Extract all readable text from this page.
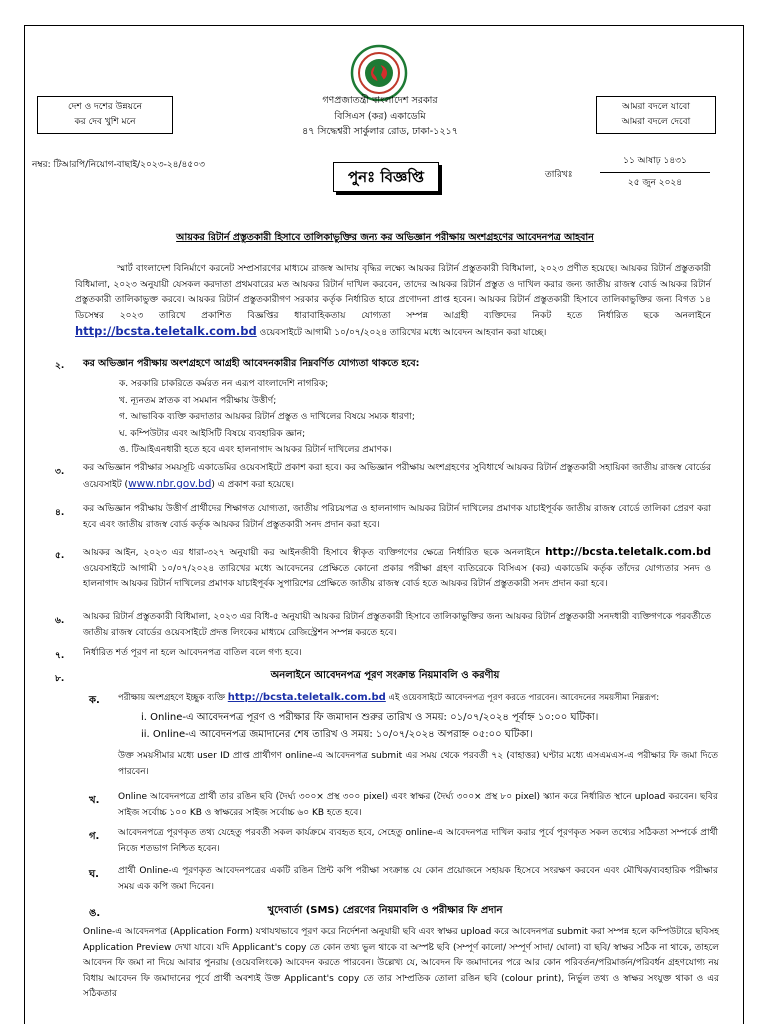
দেশ ও দশের উন্নয়নে
কর দেব খুশি মনে
আমরা বদলে যাবো
আমরা বদলে দেবো
গণপ্রজাতন্ত্রী বাংলাদেশ সরকার
বিসিএস (কর) একাডেমি
৪৭ সিদ্ধেশ্বরী সার্কুলার রোড, ঢাকা-১২১৭
নম্বর: টিআরপি/নিয়োগ-বাছাই/২০২৩-২৪/৪৫০৩
পুনঃ বিজ্ঞপ্তি	তারিখঃ
১১ আষাঢ় ১৪৩১
২৫ জুন ২০২৪
আয়কর রিটার্ন প্রস্তুতকারী হিসাবে তালিকাভুক্তির জন্য কর অভিজ্ঞান পরীক্ষায় অংশগ্রহণের আবেদনপত্র আহবান
স্মার্ট বাংলাদেশ বিনির্মাণে করনেট সম্প্রসারণের মাধ্যমে রাজস্ব আদায় বৃদ্ধির লক্ষ্যে আয়কর রিটার্ন প্রস্তুতকারী বিধিমালা, ২০২৩ প্রণীত হয়েছে। আয়কর রিটার্ন প্রস্তুতকারী বিধিমালা, ২০২৩ অনুযায়ী যেসকল করদাতা প্রথমবারের মত আয়কর রিটার্ন দাখিল করবেন, তাদের আয়কর রিটার্ন প্রস্তুত ও দাখিল করার জন্য জাতীয় রাজস্ব বোর্ড আয়কর রিটার্ন প্রস্তুতকারী তালিকাভুক্ত করবে। আয়কর রিটার্ন প্রস্তুতকারীগণ সরকার কর্তৃক নির্ধারিত হারে প্রণোদনা প্রাপ্ত হবেন। আয়কর রিটার্ন প্রস্তুতকারী হিসাবে তালিকাভুক্তির জন্য বিগত ১৪ ডিসেম্বর ২০২৩ তারিখে প্রকাশিত বিজ্ঞপ্তির ধারাবাহিকতায় যোগ্যতা সম্পন্ন আগ্রহী ব্যক্তিদের নিকট হতে নির্ধারিত ছকে অনলাইনে http://bcsta.teletalk.com.bd ওয়েবসাইটে আগামী ১০/০৭/২০২৪ তারিখের মধ্যে আবেদন আহবান করা যাচ্ছে।
২. কর অভিজ্ঞান পরীক্ষায় অংশগ্রহণে আগ্রহী আবেদনকারীর নিম্নবর্ণিত যোগ্যতা থাকতে হবে:
ক. সরকারি চাকরিতে কর্মরত নন এরূপ বাংলাদেশি নাগরিক;
খ. ন্যূনতম স্নাতক বা সমমান পরীক্ষায় উত্তীর্ণ;
গ. আভাবিক ব্যক্তি করদাতার আয়কর রিটার্ন প্রস্তুত ও দাখিলের বিষয়ে সম্যক ধারণা;
ঘ. কম্পিউটার এবং আইসিটি বিষয়ে ব্যবহারিক জ্ঞান;
ঙ. টিআইএনধারী হতে হবে এবং হালনাগাদ আয়কর রিটার্ন দাখিলের প্রমাণক।
৩. কর অভিজ্ঞান পরীক্ষার সময়সূচি একাডেমির ওয়েবসাইটে প্রকাশ করা হবে। কর অভিজ্ঞান পরীক্ষায় অংশগ্রহণের সুবিধার্থে আয়কর রিটার্ন প্রস্তুতকারী সহায়িকা জাতীয় রাজস্ব বোর্ডের ওয়েবসাইট (www.nbr.gov.bd) এ প্রকাশ করা হয়েছে।
৪. কর অভিজ্ঞান পরীক্ষায় উত্তীর্ণ প্রার্থীদের শিক্ষাগত যোগ্যতা, জাতীয় পরিচয়পত্র ও হালনাগাদ আয়কর রিটার্ন দাখিলের প্রমাণক যাচাইপূর্বক জাতীয় রাজস্ব বোর্ডে তালিকা প্রেরণ করা হবে এবং জাতীয় রাজস্ব বোর্ড কর্তৃক আয়কর রিটার্ন প্রস্তুতকারী সনদ প্রদান করা হবে।
৫. আয়কর আইন, ২০২৩ এর ধারা-৩২৭ অনুযায়ী কর আইনজীবী হিসাবে স্বীকৃত ব্যক্তিগণের ক্ষেত্রে নির্ধারিত ছকে অনলাইনে http://bcsta.teletalk.com.bd ওয়েবসাইটে আগামী ১০/০৭/২০২৪ তারিখের মধ্যে আবেদনের প্রেক্ষিতে কোনো প্রকার পরীক্ষা গ্রহণ ব্যতিরেকে বিসিএস (কর) একাডেমি কর্তৃক তাঁদের যোগ্যতার সনদ ও হালনাগাদ আয়কর রিটার্ন দাখিলের প্রমাণক যাচাইপূর্বক সুপারিশের প্রেক্ষিতে জাতীয় রাজস্ব বোর্ড হতে আয়কর রিটার্ন প্রস্তুতকারী সনদ প্রদান করা হবে।
৬. আয়কর রিটার্ন প্রস্তুতকারী বিধিমালা, ২০২৩ এর বিধি-৫ অনুযায়ী আয়কর রিটার্ন প্রস্তুতকারী হিসাবে তালিকাভুক্তির জন্য আয়কর রিটার্ন প্রস্তুতকারী সনদধারী ব্যক্তিগণকে পরবর্তীতে জাতীয় রাজস্ব বোর্ডের ওয়েবসাইটে প্রদত্ত লিংকের মাধ্যমে রেজিস্ট্রেশন সম্পন্ন করতে হবে।
৭. নির্ধারিত শর্ত পূরণ না হলে আবেদনপত্র বাতিল বলে গণ্য হবে।
৮.	অনলাইনে আবেদনপত্র পূরণ সংক্রান্ত নিয়মাবলি ও করণীয়
ক. পরীক্ষায় অংশগ্রহণে ইচ্ছুক ব্যক্তি http://bcsta.teletalk.com.bd এই ওয়েবসাইটে আবেদনপত্র পূরণ করতে পারবেন। আবেদনের সময়সীমা নিম্নরূপ:
i. Online-এ আবেদনপত্র পূরণ ও পরীক্ষার ফি জমাদান শুরুর তারিখ ও সময়: ০১/০৭/২০২৪ পূর্বাহ্ন ১০:০০ ঘটিকা।
ii. Online-এ আবেদনপত্র জমাদানের শেষ তারিখ ও সময়: ১০/০৭/২০২৪ অপরাহ্ন ০৫:০০ ঘটিকা।
উক্ত সময়সীমার মধ্যে user ID প্রাপ্ত প্রার্থীগণ online-এ আবেদনপত্র submit এর সময় থেকে পরবর্তী ৭২ (বাহাত্তর) ঘণ্টার মধ্যে এসএমএস-এ পরীক্ষার ফি জমা দিতে পারবেন।
খ. Online আবেদনপত্রে প্রার্থী তার রঙিন ছবি (দৈর্ঘ্য ৩০০× প্রস্থ ৩০০ pixel) এবং স্বাক্ষর (দৈর্ঘ্য ৩০০× প্রস্থ ৮০ pixel) স্ক্যান করে নির্ধারিত স্থানে upload করবেন। ছবির সাইজ সর্বোচ্চ ১০০ KB ও স্বাক্ষরের সাইজ সর্বোচ্চ ৬০ KB হতে হবে।
গ. আবেদনপত্রে পূরণকৃত তথ্য যেহেতু পরবর্তী সকল কার্যক্রমে ব্যবহৃত হবে, সেহেতু online-এ আবেদনপত্র দাখিল করার পূর্বে পূরণকৃত সকল তথ্যের সঠিকতা সম্পর্কে প্রার্থী নিজে শতভাগ নিশ্চিত হবেন।
ঘ. প্রার্থী Online-এ পূরণকৃত আবেদনপত্রের একটি রঙিন প্রিন্ট কপি পরীক্ষা সংক্রান্ত যে কোন প্রয়োজনে সহায়ক হিসেবে সংরক্ষণ করবেন এবং মৌখিক/ব্যবহারিক পরীক্ষার সময় এক কপি জমা দিবেন।
ঙ.	খুদেবার্তা (SMS) প্রেরণের নিয়মাবলি ও পরীক্ষার ফি প্রদান
Online-এ আবেদনপত্র (Application Form) যথাযথভাবে পূরণ করে নির্দেশনা অনুযায়ী ছবি এবং স্বাক্ষর upload করে আবেদনপত্র submit করা সম্পন্ন হলে কম্পিউটারে ছবিসহ Application Preview দেখা যাবে। যদি Applicant's copy তে কোন তথ্য ভুল থাকে বা অস্পষ্ট ছবি (সম্পূর্ণ কালো/ সম্পূর্ণ সাদা/ ঘোলা) বা ছবি/ স্বাক্ষর সঠিক না থাকে, তাহলে আবেদন ফি জমা না দিয়ে আবার পুনরায় (ওয়েবলিংকে) আবেদন করতে পারবেন। উল্লেখ্য যে, আবেদন ফি জমাদানের পরে আর কোন পরিবর্তন/পরিমার্জন/পরিবর্ধন গ্রহণযোগ্য নয় বিধায় আবেদন ফি জমাদানের পূর্বে প্রার্থী অবশ্যই উক্ত Applicant's copy তে তার সাম্প্রতিক তোলা রঙিন ছবি (colour print), নির্ভুল তথ্য ও স্বাক্ষর সংযুক্ত থাকা ও এর সঠিকতার
